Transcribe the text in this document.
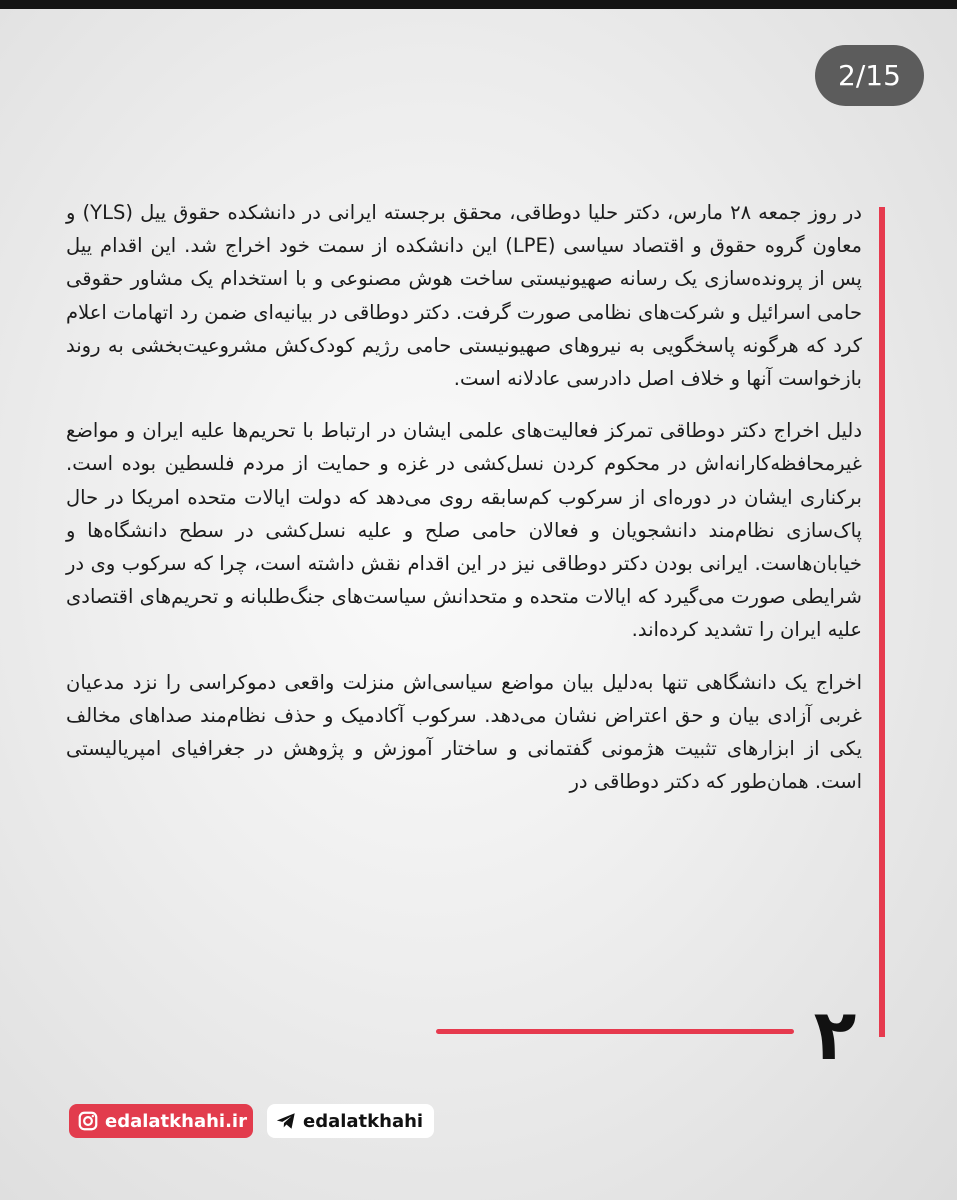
2/15

در روز جمعه ۲۸ مارس، دکتر حلیا دوطاقی، محقق برجسته ایرانی در دانشکده حقوق ییل (YLS) و معاون گروه حقوق و اقتصاد سیاسی (LPE) این دانشکده از سمت خود اخراج شد. این اقدام ییل پس از پرونده‌سازی یک رسانه صهیونیستی ساخت هوش مصنوعی و با استخدام یک مشاور حقوقی حامی اسرائیل و شرکت‌های نظامی صورت گرفت. دکتر دوطاقی در بیانیه‌ای ضمن رد اتهامات اعلام کرد که هرگونه پاسخگویی به نیروهای صهیونیستی حامی رژیم کودک‌کش مشروعیت‌بخشی به روند بازخواست آنها و خلاف اصل دادرسی عادلانه است.

دلیل اخراج دکتر دوطاقی تمرکز فعالیت‌های علمی ایشان در ارتباط با تحریم‌ها علیه ایران و مواضع غیرمحافظه‌کارانه‌اش در محکوم کردن نسل‌کشی در غزه و حمایت از مردم فلسطین بوده است. برکناری ایشان در دوره‌ای از سرکوب کم‌سابقه روی می‌دهد که دولت ایالات متحده امریکا در حال پاک‌سازی نظام‌مند دانشجویان و فعالان حامی صلح و علیه نسل‌کشی در سطح دانشگاه‌ها و خیابان‌هاست. ایرانی بودن دکتر دوطاقی نیز در این اقدام نقش داشته است، چرا که سرکوب وی در شرایطی صورت می‌گیرد که ایالات متحده و متحدانش سیاست‌های جنگ‌طلبانه و تحریم‌های اقتصادی علیه ایران را تشدید کرده‌اند.

اخراج یک دانشگاهی تنها به‌دلیل بیان مواضع سیاسی‌اش منزلت واقعی دموکراسی را نزد مدعیان غربی آزادی بیان و حق اعتراض نشان می‌دهد. سرکوب آکادمیک و حذف نظام‌مند صداهای مخالف یکی از ابزارهای تثبیت هژمونی گفتمانی و ساختار آموزش و پژوهش در جغرافیای امپریالیستی است. همان‌طور که دکتر دوطاقی در

۲
edalatkhahi.ir	edalatkhahi
